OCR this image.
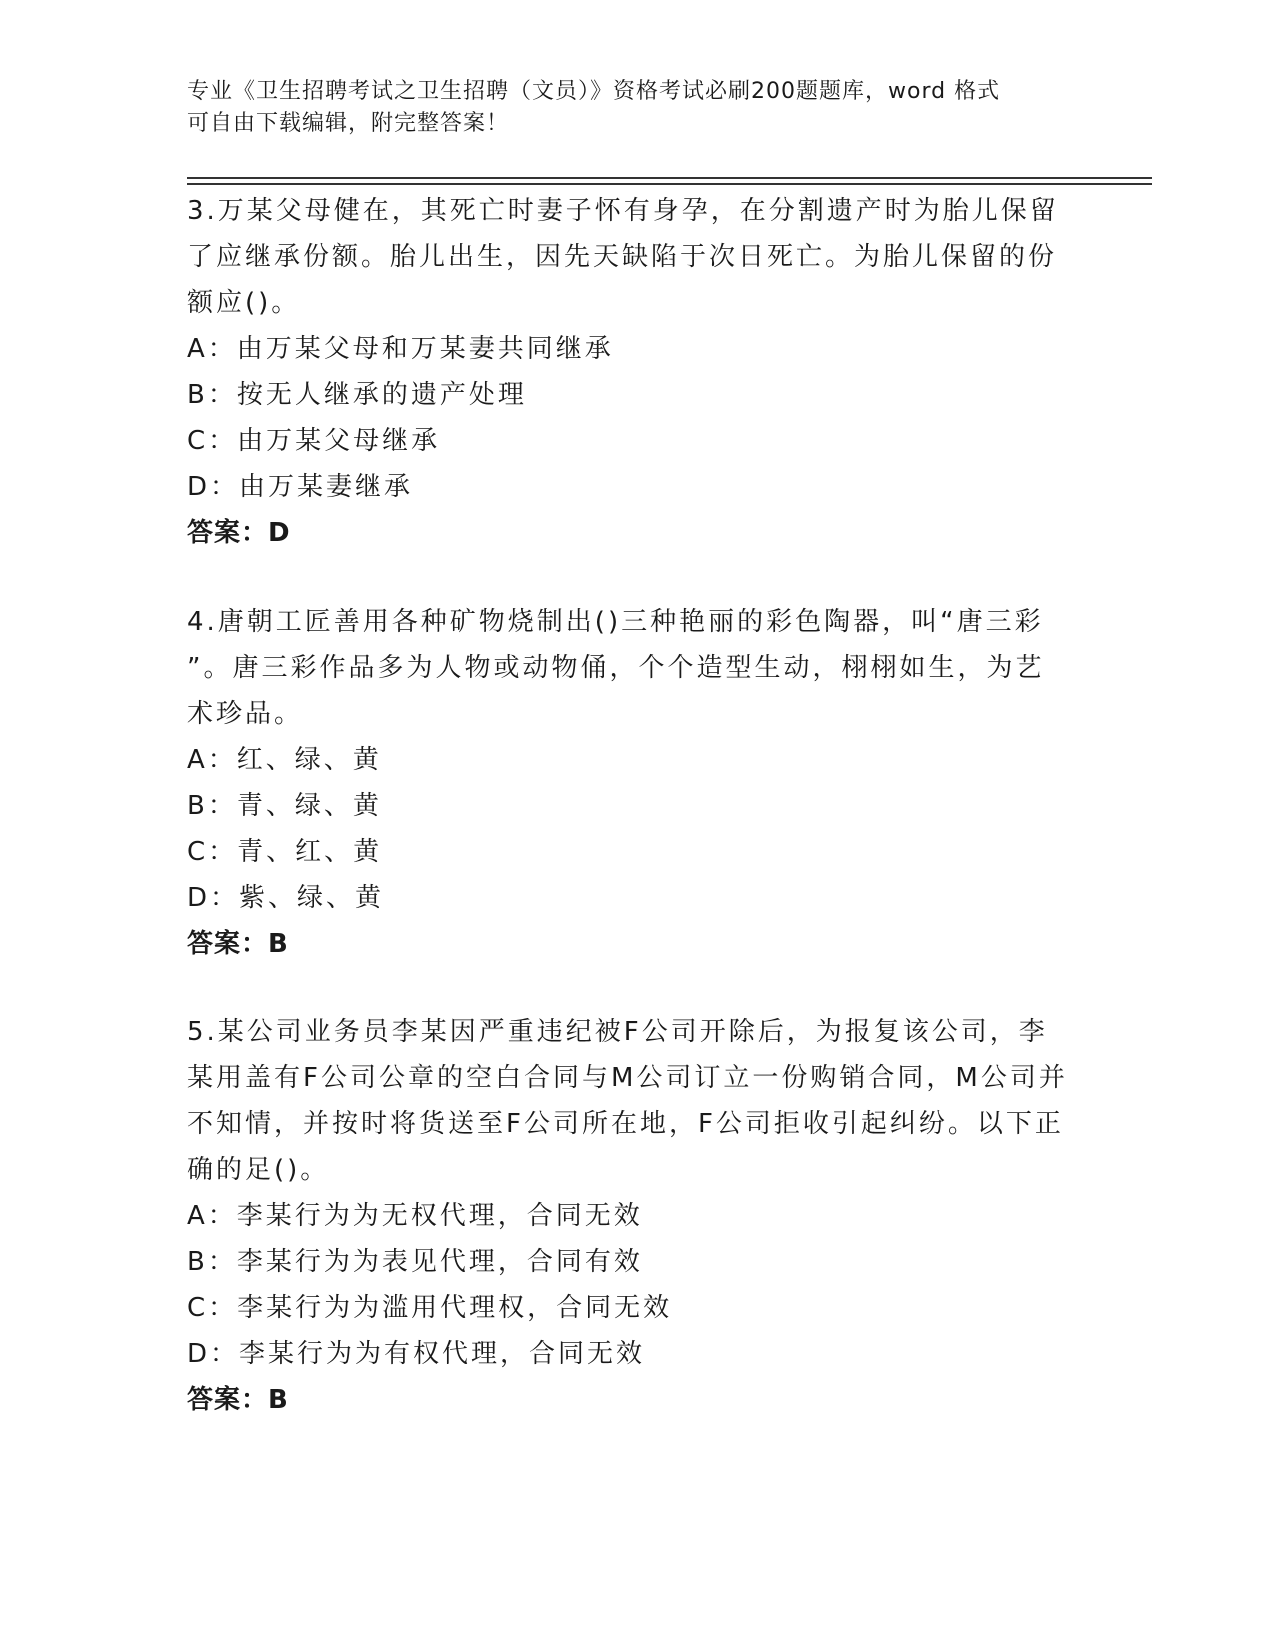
专业《卫生招聘考试之卫生招聘（文员）》资格考试必刷200题题库，word 格式
可自由下载编辑，附完整答案！
3.万某父母健在，其死亡时妻子怀有身孕，在分割遗产时为胎儿保留
了应继承份额。胎儿出生，因先天缺陷于次日死亡。为胎儿保留的份
额应()。
A：由万某父母和万某妻共同继承
B：按无人继承的遗产处理
C：由万某父母继承
D：由万某妻继承
答案：D
4.唐朝工匠善用各种矿物烧制出()三种艳丽的彩色陶器，叫“唐三彩
”。唐三彩作品多为人物或动物俑，个个造型生动，栩栩如生，为艺
术珍品。
A：红、绿、黄
B：青、绿、黄
C：青、红、黄
D：紫、绿、黄
答案：B
5.某公司业务员李某因严重违纪被F公司开除后，为报复该公司，李
某用盖有F公司公章的空白合同与M公司订立一份购销合同，M公司并
不知情，并按时将货送至F公司所在地，F公司拒收引起纠纷。以下正
确的足()。
A：李某行为为无权代理，合同无效
B：李某行为为表见代理，合同有效
C：李某行为为滥用代理权，合同无效
D：李某行为为有权代理，合同无效
答案：B
